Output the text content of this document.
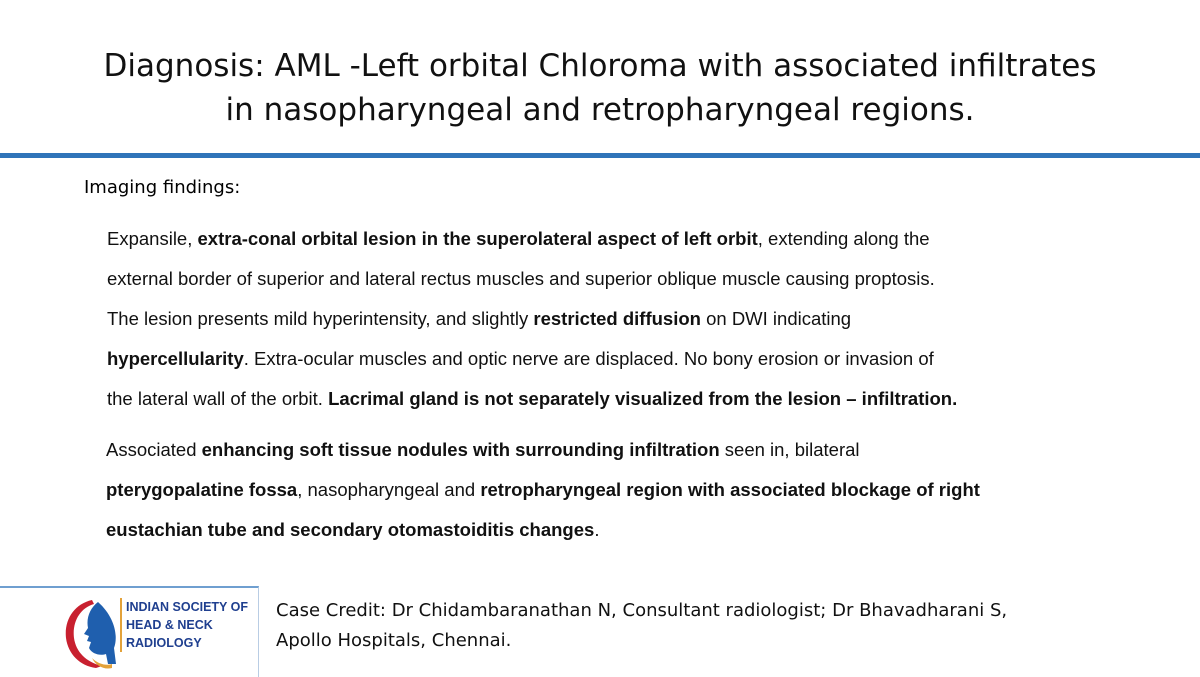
Diagnosis: AML -Left orbital Chloroma with associated infiltrates
in nasopharyngeal and retropharyngeal regions.
Imaging findings:
Expansile, extra-conal orbital lesion in the superolateral aspect of left orbit, extending along the
external border of superior and lateral rectus muscles and superior oblique muscle causing proptosis.
The lesion presents mild hyperintensity, and slightly restricted diffusion on DWI indicating
hypercellularity. Extra-ocular muscles and optic nerve are displaced. No bony erosion or invasion of
the lateral wall of the orbit. Lacrimal gland is not separately visualized from the lesion – infiltration.
Associated enhancing soft tissue nodules with surrounding infiltration seen in, bilateral
pterygopalatine fossa, nasopharyngeal and retropharyngeal region with associated blockage of right
eustachian tube and secondary otomastoiditis changes.
INDIAN SOCIETY OF
HEAD & NECK
RADIOLOGY
Case Credit: Dr Chidambaranathan N, Consultant radiologist; Dr Bhavadharani S,
Apollo Hospitals, Chennai.
